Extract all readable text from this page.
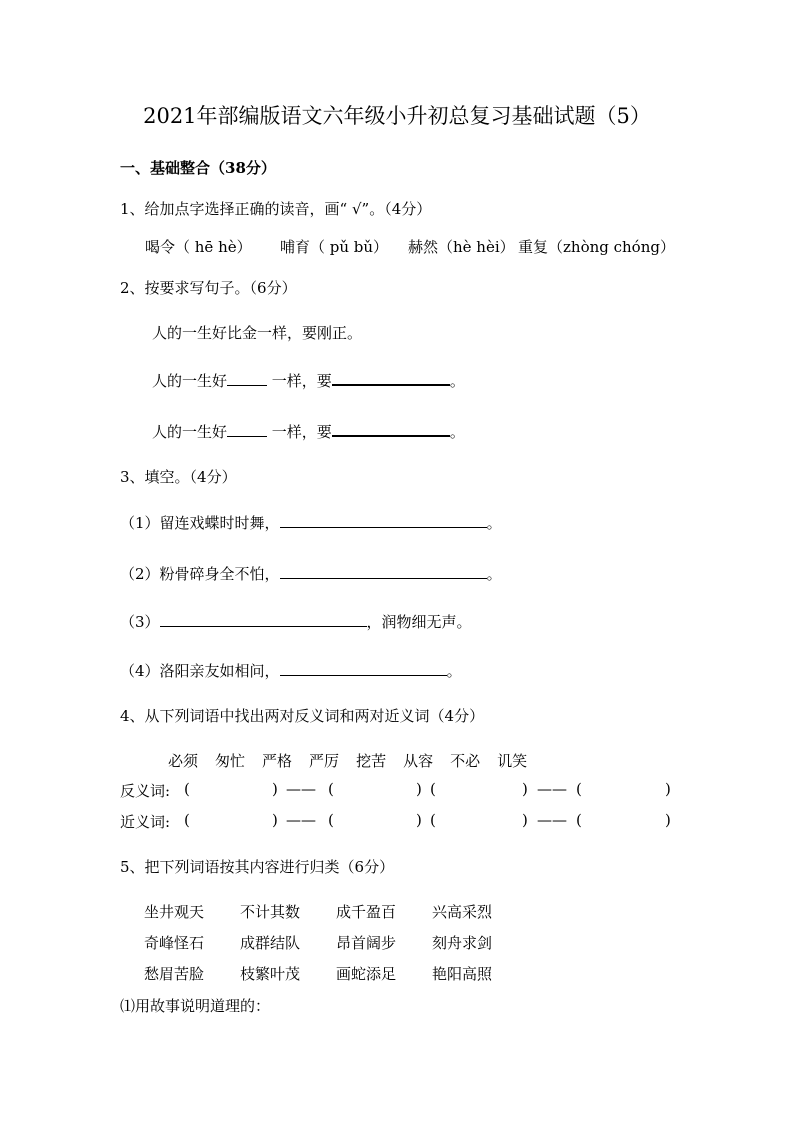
2021年部编版语文六年级小升初总复习基础试题（5）
一、基础整合（38分）
1、给加点字选择正确的读音，画“ √”。（4分）
喝令（ hē hè） 哺育（ pǔ bǔ） 赫然（hè hèi） 重复（zhòng chóng）
2、按要求写句子。（6分）
人的一生好比金一样，要刚正。
人的一生好	一样，要	。
人的一生好	一样，要	。
3、填空。（4分）
（1）留连戏蝶时时舞，	。
（2）粉骨碎身全不怕，	。
（3）	，润物细无声。
（4）洛阳亲友如相问，	。
4、从下列词语中找出两对反义词和两对近义词（4分）
必须 匆忙 严格 严厉 挖苦 从容 不必 讥笑
反义词: (	) —— (	) (	) —— (	)
近义词: (	) —— (	) (	) —— (	)
5、把下列词语按其内容进行归类（6分）
坐井观天 不计其数 成千盈百 兴高采烈
奇峰怪石 成群结队 昂首阔步 刻舟求剑
愁眉苦脸 枝繁叶茂 画蛇添足 艳阳高照
⑴用故事说明道理的：
